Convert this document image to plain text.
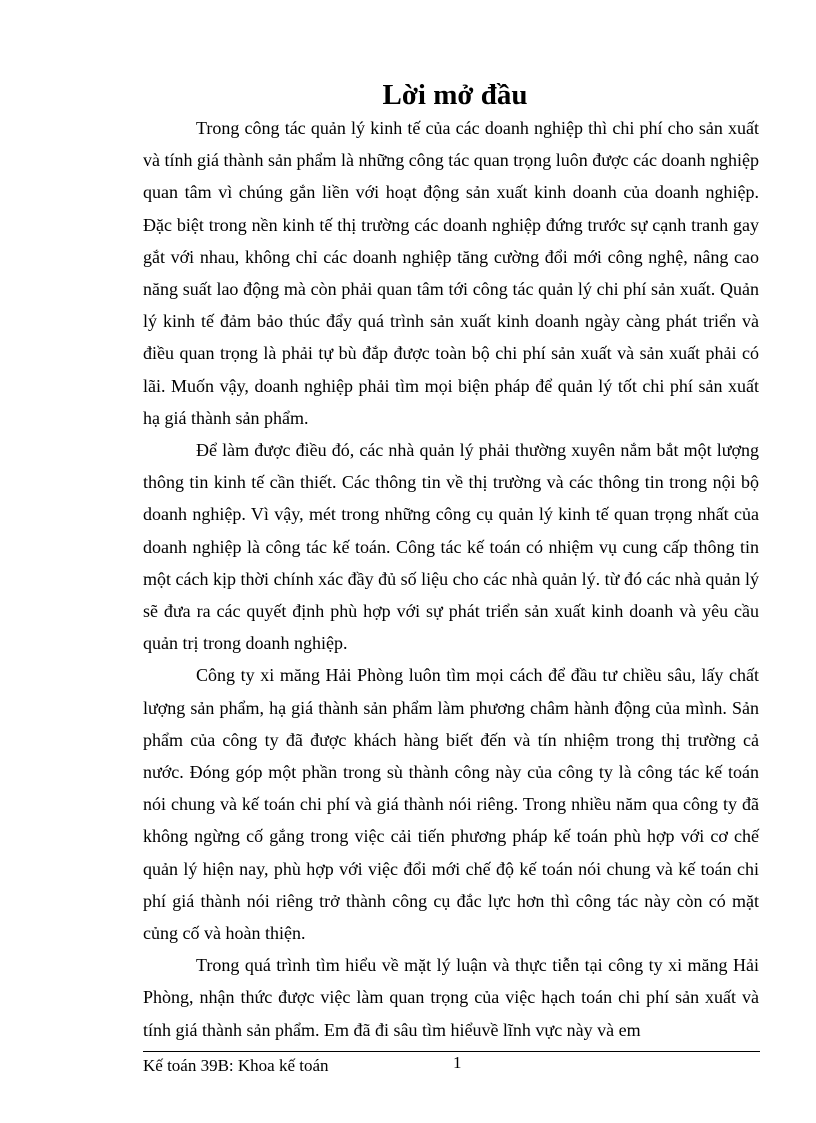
Lời mở đầu

Trong công tác quản lý kinh tế của các doanh nghiệp thì chi phí cho sản xuất và tính giá thành sản phẩm là những công tác quan trọng luôn được các doanh nghiệp quan tâm vì chúng gắn liền với hoạt động sản xuất kinh doanh của doanh nghiệp. Đặc biệt trong nền kinh tế thị trường các doanh nghiệp đứng trước sự cạnh tranh gay gắt với nhau, không chỉ các doanh nghiệp tăng cường đổi mới công nghệ, nâng cao năng suất lao động mà còn phải quan tâm tới công tác quản lý chi phí sản xuất. Quản lý kinh tế đảm bảo thúc đẩy quá trình sản xuất kinh doanh ngày càng phát triển và điều quan trọng là phải tự bù đắp được toàn bộ chi phí sản xuất và sản xuất phải có lãi. Muốn vậy, doanh nghiệp phải tìm mọi biện pháp để quản lý tốt chi phí sản xuất hạ giá thành sản phẩm.

Để làm được điều đó, các nhà quản lý phải thường xuyên nắm bắt một lượng thông tin kinh tế cần thiết. Các thông tin về thị trường và các thông tin trong nội bộ doanh nghiệp. Vì vậy, mét trong những công cụ quản lý kinh tế quan trọng nhất của doanh nghiệp là công tác kế toán. Công tác kế toán có nhiệm vụ cung cấp thông tin một cách kịp thời chính xác đầy đủ số liệu cho các nhà quản lý. từ đó các nhà quản lý sẽ đưa ra các quyết định phù hợp với sự phát triển sản xuất kinh doanh và yêu cầu quản trị trong doanh nghiệp.

Công ty xi măng Hải Phòng luôn tìm mọi cách để đầu tư chiều sâu, lấy chất lượng sản phẩm, hạ giá thành sản phẩm làm phương châm hành động của mình. Sản phẩm của công ty đã được khách hàng biết đến và tín nhiệm trong thị trường cả nước. Đóng góp một phần trong sù thành công này của công ty là công tác kế toán nói chung và kế toán chi phí và giá thành nói riêng. Trong nhiều năm qua công ty đã không ngừng cố gắng trong việc cải tiến phương pháp kế toán phù hợp với cơ chế quản lý hiện nay, phù hợp với việc đổi mới chế độ kế toán nói chung và kế toán chi phí giá thành nói riêng trở thành công cụ đắc lực hơn thì công tác này còn có mặt củng cố và hoàn thiện.

Trong quá trình tìm hiểu về mặt lý luận và thực tiễn tại công ty xi măng Hải Phòng, nhận thức được việc làm quan trọng của việc hạch toán chi phí sản xuất và tính giá thành sản phẩm. Em đã đi sâu tìm hiểuvề lĩnh vực này và em

Kế toán 39B: Khoa kế toán	1
